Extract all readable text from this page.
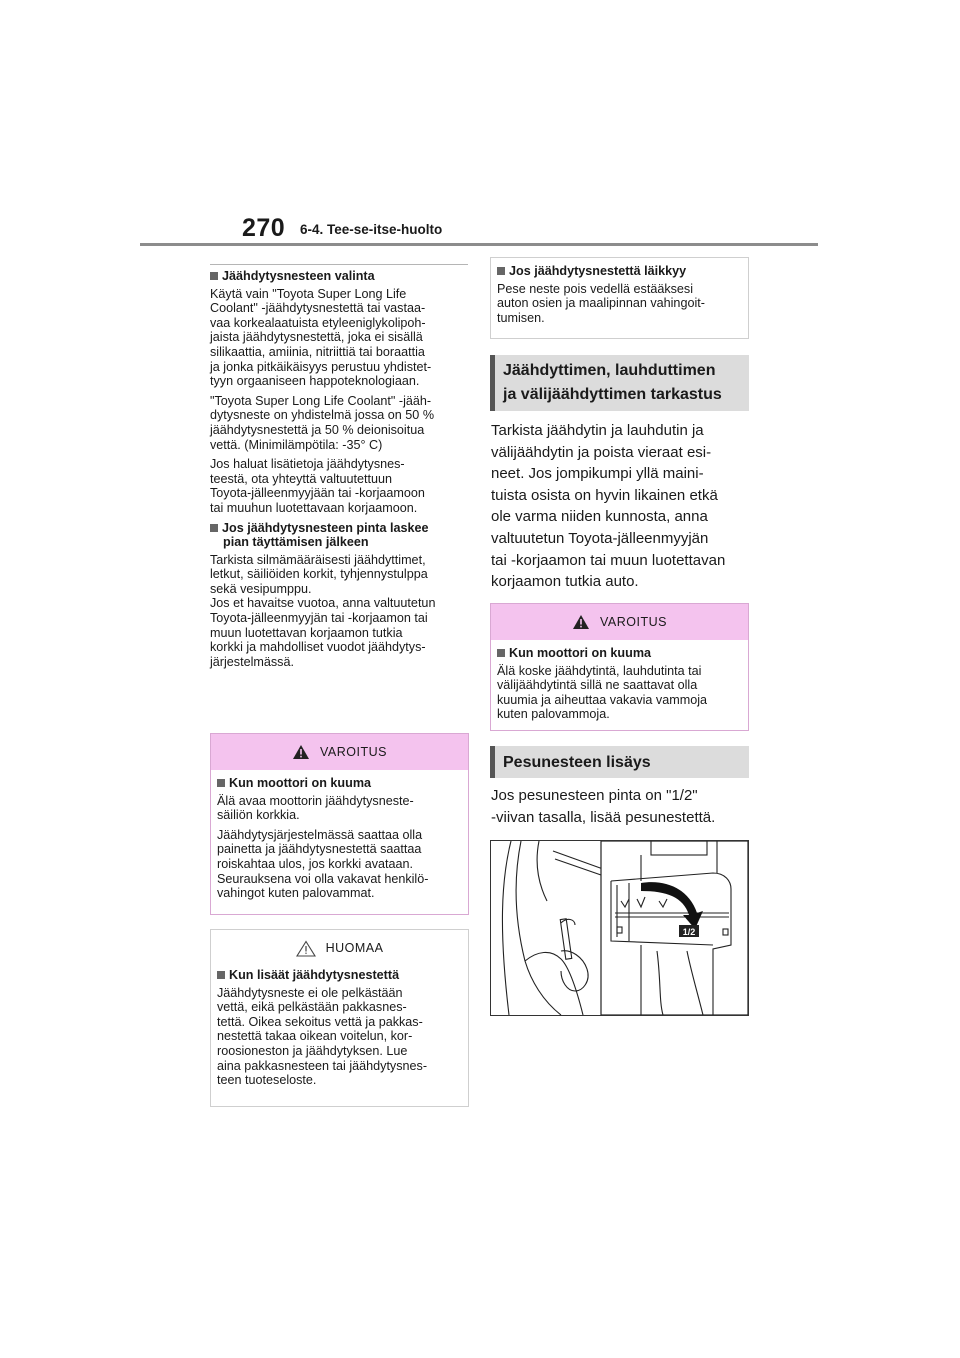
270 6-4. Tee-se-itse-huolto
Jäähdytysnesteen valinta
Käytä vain "Toyota Super Long Life
Coolant" -jäähdytysnestettä tai vastaa-
vaa korkealaatuista etyleeniglykolipoh-
jaista jäähdytysnestettä, joka ei sisällä
silikaattia, amiinia, nitriittiä tai boraattia
ja jonka pitkäikäisyys perustuu yhdistet-
tyyn orgaaniseen happoteknologiaan.
"Toyota Super Long Life Coolant" -jääh-
dytysneste on yhdistelmä jossa on 50 %
jäähdytysnestettä ja 50 % deionisoitua
vettä. (Minimilämpötila: -35° C)
Jos haluat lisätietoja jäähdytysnes-
teestä, ota yhteyttä valtuutettuun
Toyota-jälleenmyyjään tai -korjaamoon
tai muuhun luotettavaan korjaamoon.
Jos jäähdytysnesteen pinta laskee
pian täyttämisen jälkeen
Tarkista silmämääräisesti jäähdyttimet,
letkut, säiliöiden korkit, tyhjennystulppa
sekä vesipumppu.
Jos et havaitse vuotoa, anna valtuutetun
Toyota-jälleenmyyjän tai -korjaamon tai
muun luotettavan korjaamon tutkia
korkki ja mahdolliset vuodot jäähdytys-
järjestelmässä.
VAROITUS
Kun moottori on kuuma
Älä avaa moottorin jäähdytysneste-
säiliön korkkia.
Jäähdytysjärjestelmässä saattaa olla
painetta ja jäähdytysnestettä saattaa
roiskahtaa ulos, jos korkki avataan.
Seurauksena voi olla vakavat henkilö-
vahingot kuten palovammat.
HUOMAA
Kun lisäät jäähdytysnestettä
Jäähdytysneste ei ole pelkästään
vettä, eikä pelkästään pakkasnes-
tettä. Oikea sekoitus vettä ja pakkas-
nestettä takaa oikean voitelun, kor-
roosioneston ja jäähdytyksen. Lue
aina pakkasnesteen tai jäähdytysnes-
teen tuoteseloste.
Jos jäähdytysnestettä läikkyy
Pese neste pois vedellä estääksesi
auton osien ja maalipinnan vahingoit-
tumisen.
Jäähdyttimen, lauhduttimen
ja välijäähdyttimen tarkastus
Tarkista jäähdytin ja lauhdutin ja
välijäähdytin ja poista vieraat esi-
neet. Jos jompikumpi yllä maini-
tuista osista on hyvin likainen etkä
ole varma niiden kunnosta, anna
valtuutetun Toyota-jälleenmyyjän
tai -korjaamon tai muun luotettavan
korjaamon tutkia auto.
VAROITUS
Kun moottori on kuuma
Älä koske jäähdytintä, lauhdutinta tai
välijäähdytintä sillä ne saattavat olla
kuumia ja aiheuttaa vakavia vammoja
kuten palovammoja.
Pesunesteen lisäys
Jos pesunesteen pinta on "1/2"
-viivan tasalla, lisää pesunestettä.
1/2
